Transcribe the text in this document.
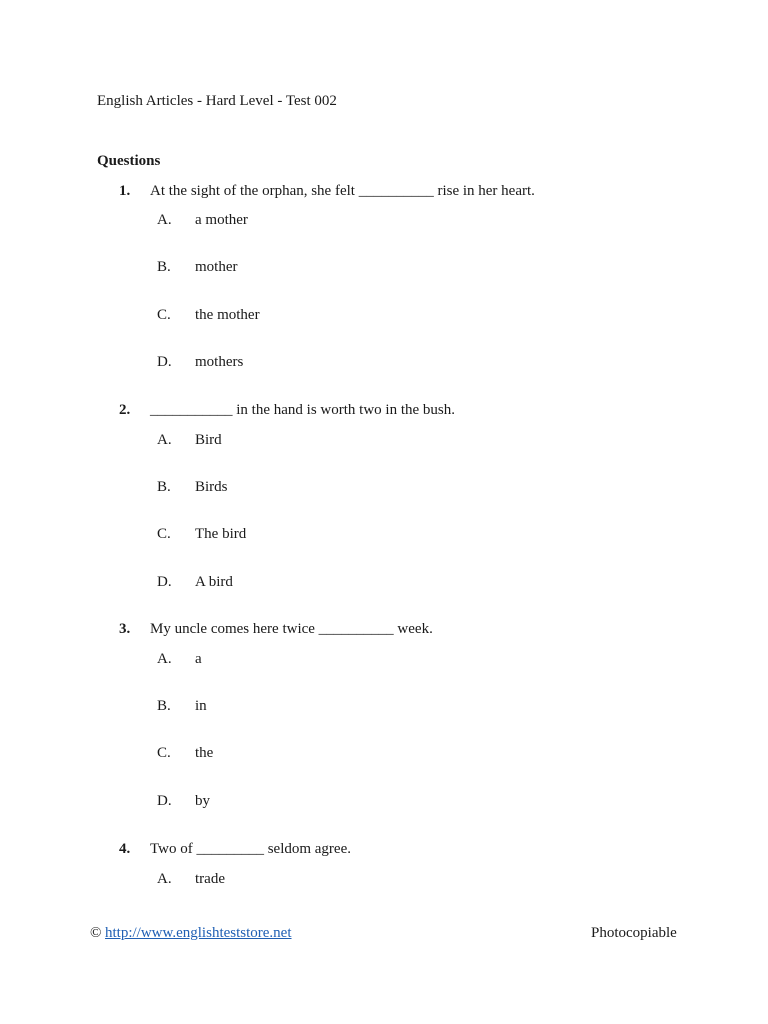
English Articles - Hard Level - Test 002
Questions
1. At the sight of the orphan, she felt __________ rise in her heart.
A. a mother
B. mother
C. the mother
D. mothers
2. ___________ in the hand is worth two in the bush.
A. Bird
B. Birds
C. The bird
D. A bird
3. My uncle comes here twice __________ week.
A. a
B. in
C. the
D. by
4. Two of _________ seldom agree.
A. trade
© http://www.englishteststore.net	Photocopiable
